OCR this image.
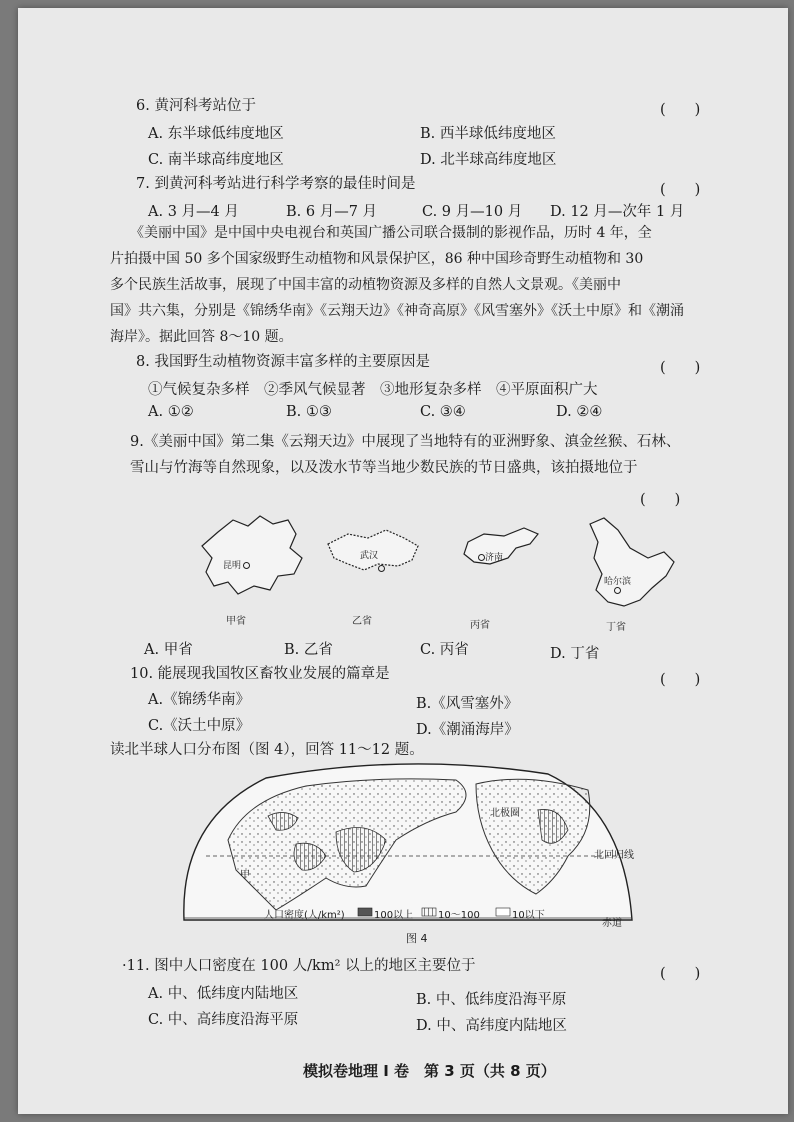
6. 黄河科考站位于	(　　)
A. 东半球低纬度地区	B. 西半球低纬度地区
C. 南半球高纬度地区	D. 北半球高纬度地区
7. 到黄河科考站进行科学考察的最佳时间是	(　　)
A. 3 月—4 月	B. 6 月—7 月	C. 9 月—10 月 D. 12 月—次年 1 月
《美丽中国》是中国中央电视台和英国广播公司联合摄制的影视作品，历时 4 年，全
片拍摄中国 50 多个国家级野生动植物和风景保护区，86 种中国珍奇野生动植物和 30
多个民族生活故事，展现了中国丰富的动植物资源及多样的自然人文景观。《美丽中
国》共六集，分别是《锦绣华南》《云翔天边》《神奇高原》《风雪塞外》《沃土中原》和《潮涌
海岸》。据此回答 8～10 题。
8. 我国野生动植物资源丰富多样的主要原因是	(　　)
①气候复杂多样　②季风气候显著　③地形复杂多样　④平原面积广大
A. ①②	B. ①③	C. ③④	D. ②④
9.《美丽中国》第二集《云翔天边》中展现了当地特有的亚洲野象、滇金丝猴、石林、
雪山与竹海等自然现象，以及泼水节等当地少数民族的节日盛典，该拍摄地位于
(　　)
昆明
武汉	济南
哈尔滨
甲省	乙省	丙省	丁省
A. 甲省	B. 乙省	C. 丙省	D. 丁省
10. 能展现我国牧区畜牧业发展的篇章是	(　　)
A.《锦绣华南》	B.《风雪塞外》
C.《沃土中原》	D.《潮涌海岸》
读北半球人口分布图（图 4），回答 11～12 题。
北极圈
北回归线
赤道
甲
人口密度(人/km²)	100以上 10～100	10以下
图 4
·11. 图中人口密度在 100 人/km² 以上的地区主要位于	(　　)
A. 中、低纬度内陆地区	B. 中、低纬度沿海平原
C. 中、高纬度沿海平原	D. 中、高纬度内陆地区
模拟卷地理 Ⅰ 卷　第 3 页（共 8 页）
